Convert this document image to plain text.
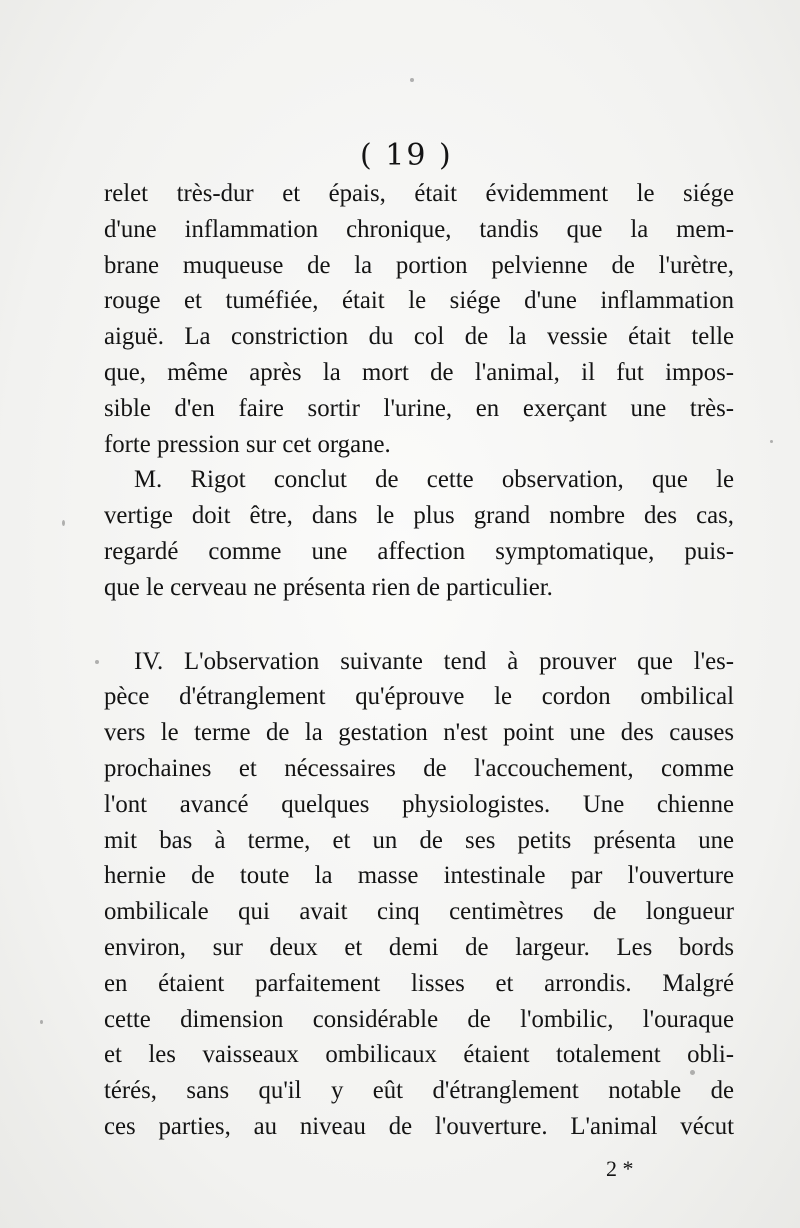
( 19 )
relet très-dur et épais, était évidemment le siége
d'une inflammation chronique, tandis que la mem-
brane muqueuse de la portion pelvienne de l'urètre,
rouge et tuméfiée, était le siége d'une inflammation
aiguë. La constriction du col de la vessie était telle
que, même après la mort de l'animal, il fut impos-
sible d'en faire sortir l'urine, en exerçant une très-
forte pression sur cet organe.
M. Rigot conclut de cette observation, que le
vertige doit être, dans le plus grand nombre des cas,
regardé comme une affection symptomatique, puis-
que le cerveau ne présenta rien de particulier.
IV. L'observation suivante tend à prouver que l'es-
pèce d'étranglement qu'éprouve le cordon ombilical
vers le terme de la gestation n'est point une des causes
prochaines et nécessaires de l'accouchement, comme
l'ont avancé quelques physiologistes. Une chienne
mit bas à terme, et un de ses petits présenta une
hernie de toute la masse intestinale par l'ouverture
ombilicale qui avait cinq centimètres de longueur
environ, sur deux et demi de largeur. Les bords
en étaient parfaitement lisses et arrondis. Malgré
cette dimension considérable de l'ombilic, l'ouraque
et les vaisseaux ombilicaux étaient totalement obli-
térés, sans qu'il y eût d'étranglement notable de
ces parties, au niveau de l'ouverture. L'animal vécut
2 *
